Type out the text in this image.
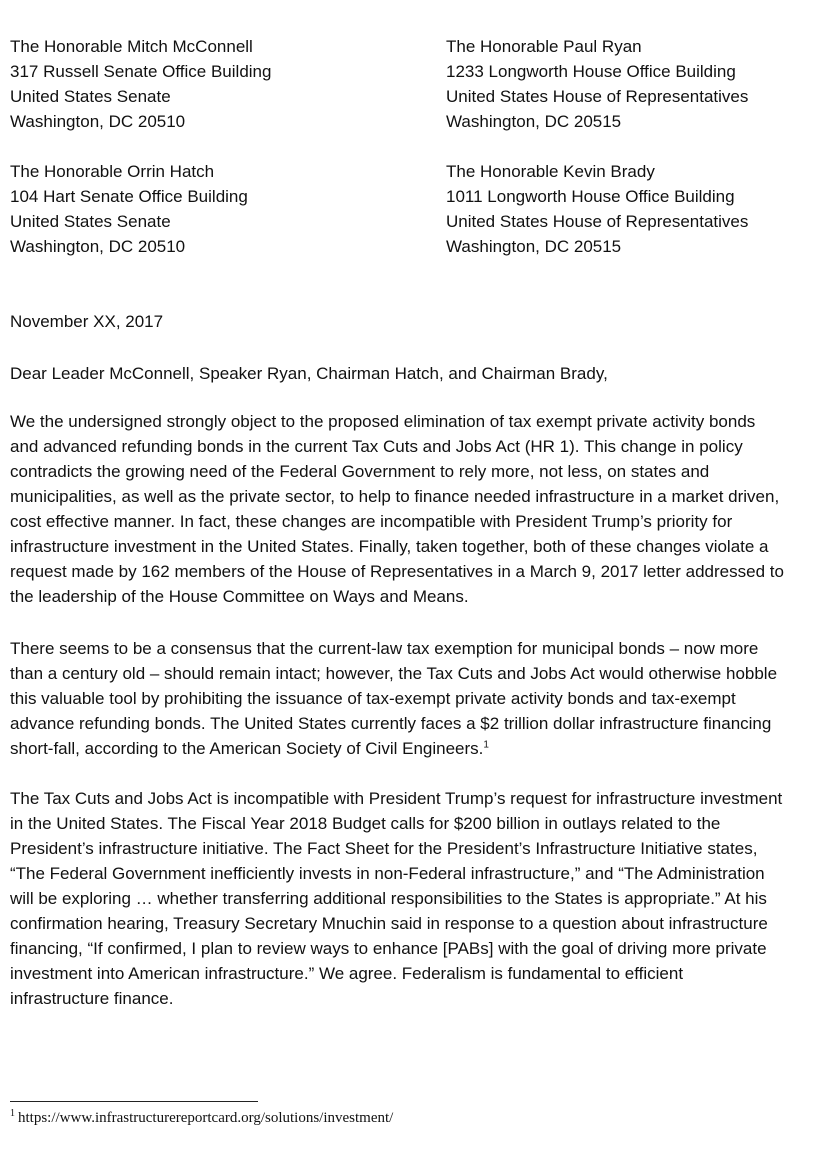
The Honorable Mitch McConnell
317 Russell Senate Office Building
United States Senate
Washington, DC 20510
The Honorable Orrin Hatch
104 Hart Senate Office Building
United States Senate
Washington, DC 20510
The Honorable Paul Ryan
1233 Longworth House Office Building
United States House of Representatives
Washington, DC 20515
The Honorable Kevin Brady
1011 Longworth House Office Building
United States House of Representatives
Washington, DC 20515
November XX, 2017
Dear Leader McConnell, Speaker Ryan, Chairman Hatch, and Chairman Brady,
We the undersigned strongly object to the proposed elimination of tax exempt private activity bonds
and advanced refunding bonds in the current Tax Cuts and Jobs Act (HR 1). This change in policy
contradicts the growing need of the Federal Government to rely more, not less, on states and
municipalities, as well as the private sector, to help to finance needed infrastructure in a market driven,
cost effective manner. In fact, these changes are incompatible with President Trump’s priority for
infrastructure investment in the United States. Finally, taken together, both of these changes violate a
request made by 162 members of the House of Representatives in a March 9, 2017 letter addressed to
the leadership of the House Committee on Ways and Means.
There seems to be a consensus that the current-law tax exemption for municipal bonds – now more
than a century old – should remain intact; however, the Tax Cuts and Jobs Act would otherwise hobble
this valuable tool by prohibiting the issuance of tax-exempt private activity bonds and tax-exempt
advance refunding bonds. The United States currently faces a $2 trillion dollar infrastructure financing
short-fall, according to the American Society of Civil Engineers.$^1$
The Tax Cuts and Jobs Act is incompatible with President Trump’s request for infrastructure investment
in the United States. The Fiscal Year 2018 Budget calls for $200 billion in outlays related to the
President’s infrastructure initiative. The Fact Sheet for the President’s Infrastructure Initiative states,
“The Federal Government inefficiently invests in non-Federal infrastructure,” and “The Administration
will be exploring … whether transferring additional responsibilities to the States is appropriate.” At his
confirmation hearing, Treasury Secretary Mnuchin said in response to a question about infrastructure
financing, “If confirmed, I plan to review ways to enhance [PABs] with the goal of driving more private
investment into American infrastructure.” We agree. Federalism is fundamental to efficient
infrastructure finance.
$^1$ https://www.infrastructurereportcard.org/solutions/investment/
